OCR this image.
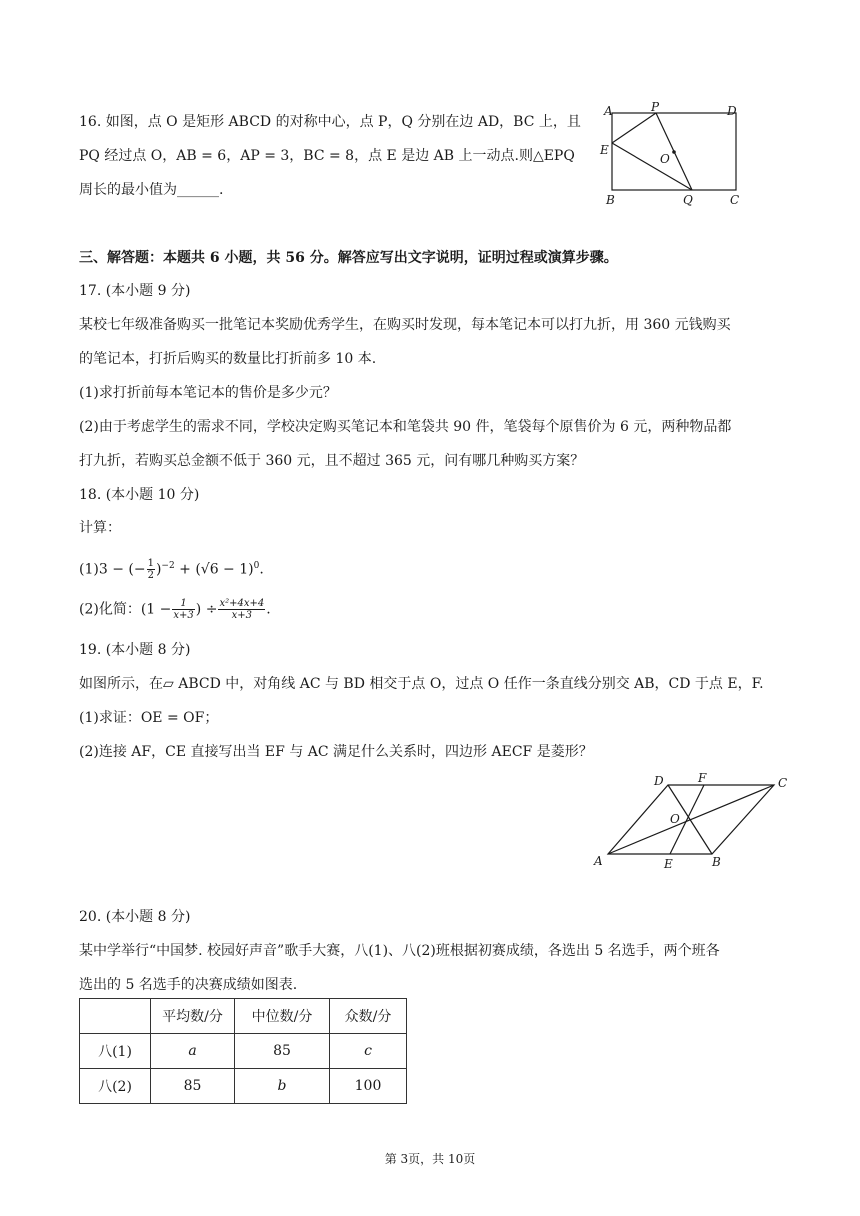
16. 如图，点 O 是矩形 ABCD 的对称中心，点 P，Q 分别在边 AD，BC 上，且
PQ 经过点 O，AB = 6，AP = 3，BC = 8，点 E 是边 AB 上一动点.则△EPQ
周长的最小值为______.
A	P	D
E
O
B	Q	C
三、解答题：本题共 6 小题，共 56 分。解答应写出文字说明，证明过程或演算步骤。
17. (本小题 9 分)
某校七年级准备购买一批笔记本奖励优秀学生，在购买时发现，每本笔记本可以打九折，用 360 元钱购买
的笔记本，打折后购买的数量比打折前多 10 本.
(1)求打折前每本笔记本的售价是多少元？
(2)由于考虑学生的需求不同，学校决定购买笔记本和笔袋共 90 件，笔袋每个原售价为 6 元，两种物品都
打九折，若购买总金额不低于 360 元，且不超过 365 元，问有哪几种购买方案？
18. (本小题 10 分)
计算：
(1)3 − (− $\frac{1}{2} )^{-2} + (√6 - 1)^0$.
(2)化简：($1 - \frac{1}{x+3}$ ) ÷ $\frac{\text{x²+4x+4}}{x+3}$ .
19. (本小题 8 分)
如图所示，在▱ ABCD 中，对角线 AC 与 BD 相交于点 O，过点 O 任作一条直线分别交 AB，CD 于点 E，F.
(1)求证：OE = OF；
(2)连接 AF，CE 直接写出当 EF 与 AC 满足什么关系时，四边形 AECF 是菱形？
D	F	C
O
A	E	B
20. (本小题 8 分)
某中学举行“中国梦. 校园好声音”歌手大赛，八(1)、八(2)班根据初赛成绩，各选出 5 名选手，两个班各
选出的 5 名选手的决赛成绩如图表.
	平均数/分	中位数/分	众数/分
八(1)	a	85	c
八(2)	85	b	100
第 3页，共 10页
